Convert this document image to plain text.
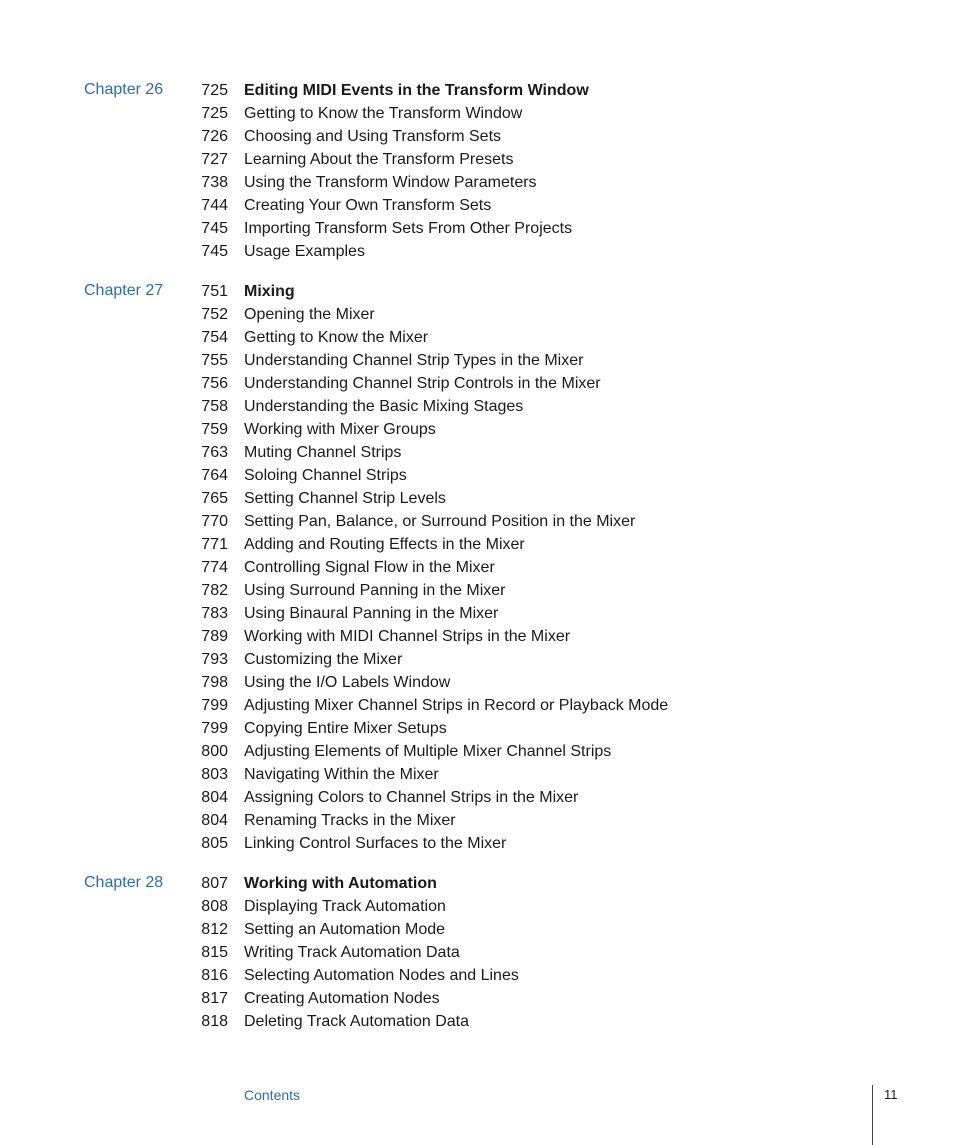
Chapter 26	725 Editing MIDI Events in the Transform Window
725 Getting to Know the Transform Window
726 Choosing and Using Transform Sets
727 Learning About the Transform Presets
738 Using the Transform Window Parameters
744 Creating Your Own Transform Sets
745 Importing Transform Sets From Other Projects
745 Usage Examples
Chapter 27	751 Mixing
752 Opening the Mixer
754 Getting to Know the Mixer
755 Understanding Channel Strip Types in the Mixer
756 Understanding Channel Strip Controls in the Mixer
758 Understanding the Basic Mixing Stages
759 Working with Mixer Groups
763 Muting Channel Strips
764 Soloing Channel Strips
765 Setting Channel Strip Levels
770 Setting Pan, Balance, or Surround Position in the Mixer
771 Adding and Routing Effects in the Mixer
774 Controlling Signal Flow in the Mixer
782 Using Surround Panning in the Mixer
783 Using Binaural Panning in the Mixer
789 Working with MIDI Channel Strips in the Mixer
793 Customizing the Mixer
798 Using the I/O Labels Window
799 Adjusting Mixer Channel Strips in Record or Playback Mode
799 Copying Entire Mixer Setups
800 Adjusting Elements of Multiple Mixer Channel Strips
803 Navigating Within the Mixer
804 Assigning Colors to Channel Strips in the Mixer
804 Renaming Tracks in the Mixer
805 Linking Control Surfaces to the Mixer
Chapter 28	807 Working with Automation
808 Displaying Track Automation
812 Setting an Automation Mode
815 Writing Track Automation Data
816 Selecting Automation Nodes and Lines
817 Creating Automation Nodes
818 Deleting Track Automation Data
Contents	11
